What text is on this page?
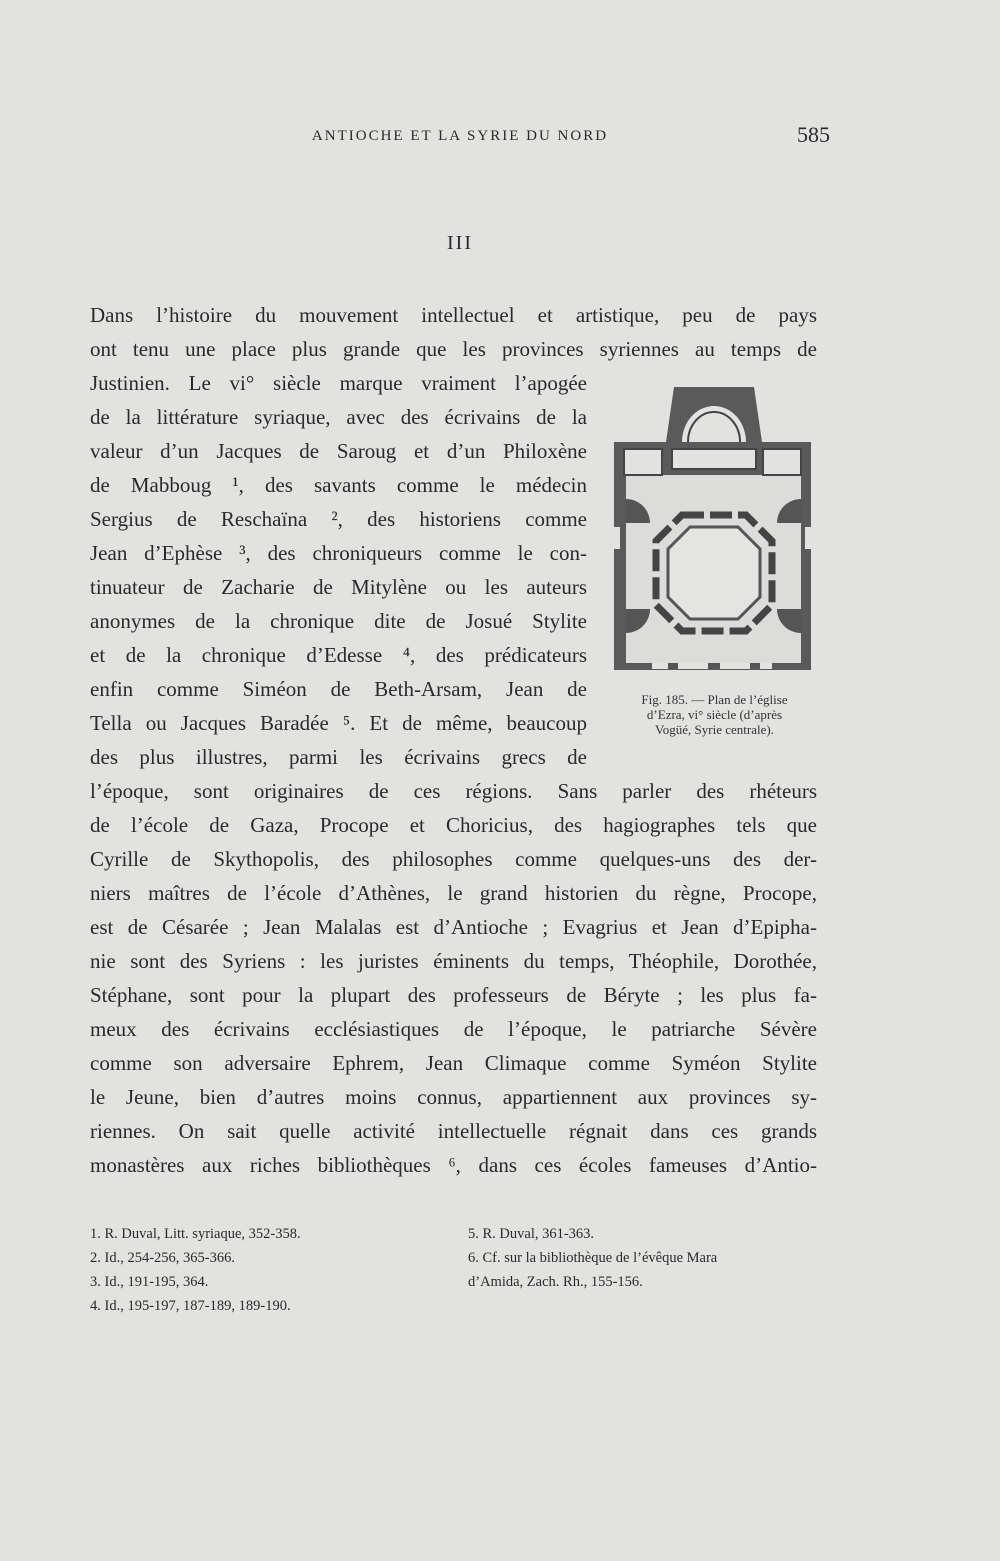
ANTIOCHE ET LA SYRIE DU NORD	585
III
Dans l’histoire du mouvement intellectuel et artistique, peu de pays
ont tenu une place plus grande que les provinces syriennes au temps de
Justinien. Le vi° siècle marque vraiment l’apogée
de la littérature syriaque, avec des écrivains de la
valeur d’un Jacques de Saroug et d’un Philoxène
de Mabboug ¹, des savants comme le médecin
Sergius de Reschaïna ², des historiens comme
Jean d’Ephèse ³, des chroniqueurs comme le con-
tinuateur de Zacharie de Mitylène ou les auteurs
anonymes de la chronique dite de Josué Stylite
et de la chronique d’Edesse ⁴, des prédicateurs
enfin comme Siméon de Beth-Arsam, Jean de
Tella ou Jacques Baradée ⁵. Et de même, beaucoup
des plus illustres, parmi les écrivains grecs de
Fig. 185. — Plan de l’église
d’Ezra, vi° siècle (d’après
Vogüé, Syrie centrale).
l’époque, sont originaires de ces régions. Sans parler des rhéteurs
de l’école de Gaza, Procope et Choricius, des hagiographes tels que
Cyrille de Skythopolis, des philosophes comme quelques-uns des der-
niers maîtres de l’école d’Athènes, le grand historien du règne, Procope,
est de Césarée ; Jean Malalas est d’Antioche ; Evagrius et Jean d’Epipha-
nie sont des Syriens : les juristes éminents du temps, Théophile, Dorothée,
Stéphane, sont pour la plupart des professeurs de Béryte ; les plus fa-
meux des écrivains ecclésiastiques de l’époque, le patriarche Sévère
comme son adversaire Ephrem, Jean Climaque comme Syméon Stylite
le Jeune, bien d’autres moins connus, appartiennent aux provinces sy-
riennes. On sait quelle activité intellectuelle régnait dans ces grands
monastères aux riches bibliothèques ⁶, dans ces écoles fameuses d’Antio-
1. R. Duval, Litt. syriaque, 352-358.
2. Id., 254-256, 365-366.
3. Id., 191-195, 364.
4. Id., 195-197, 187-189, 189-190.
5. R. Duval, 361-363.
6. Cf. sur la bibliothèque de l’évêque Mara
d’Amida, Zach. Rh., 155-156.
